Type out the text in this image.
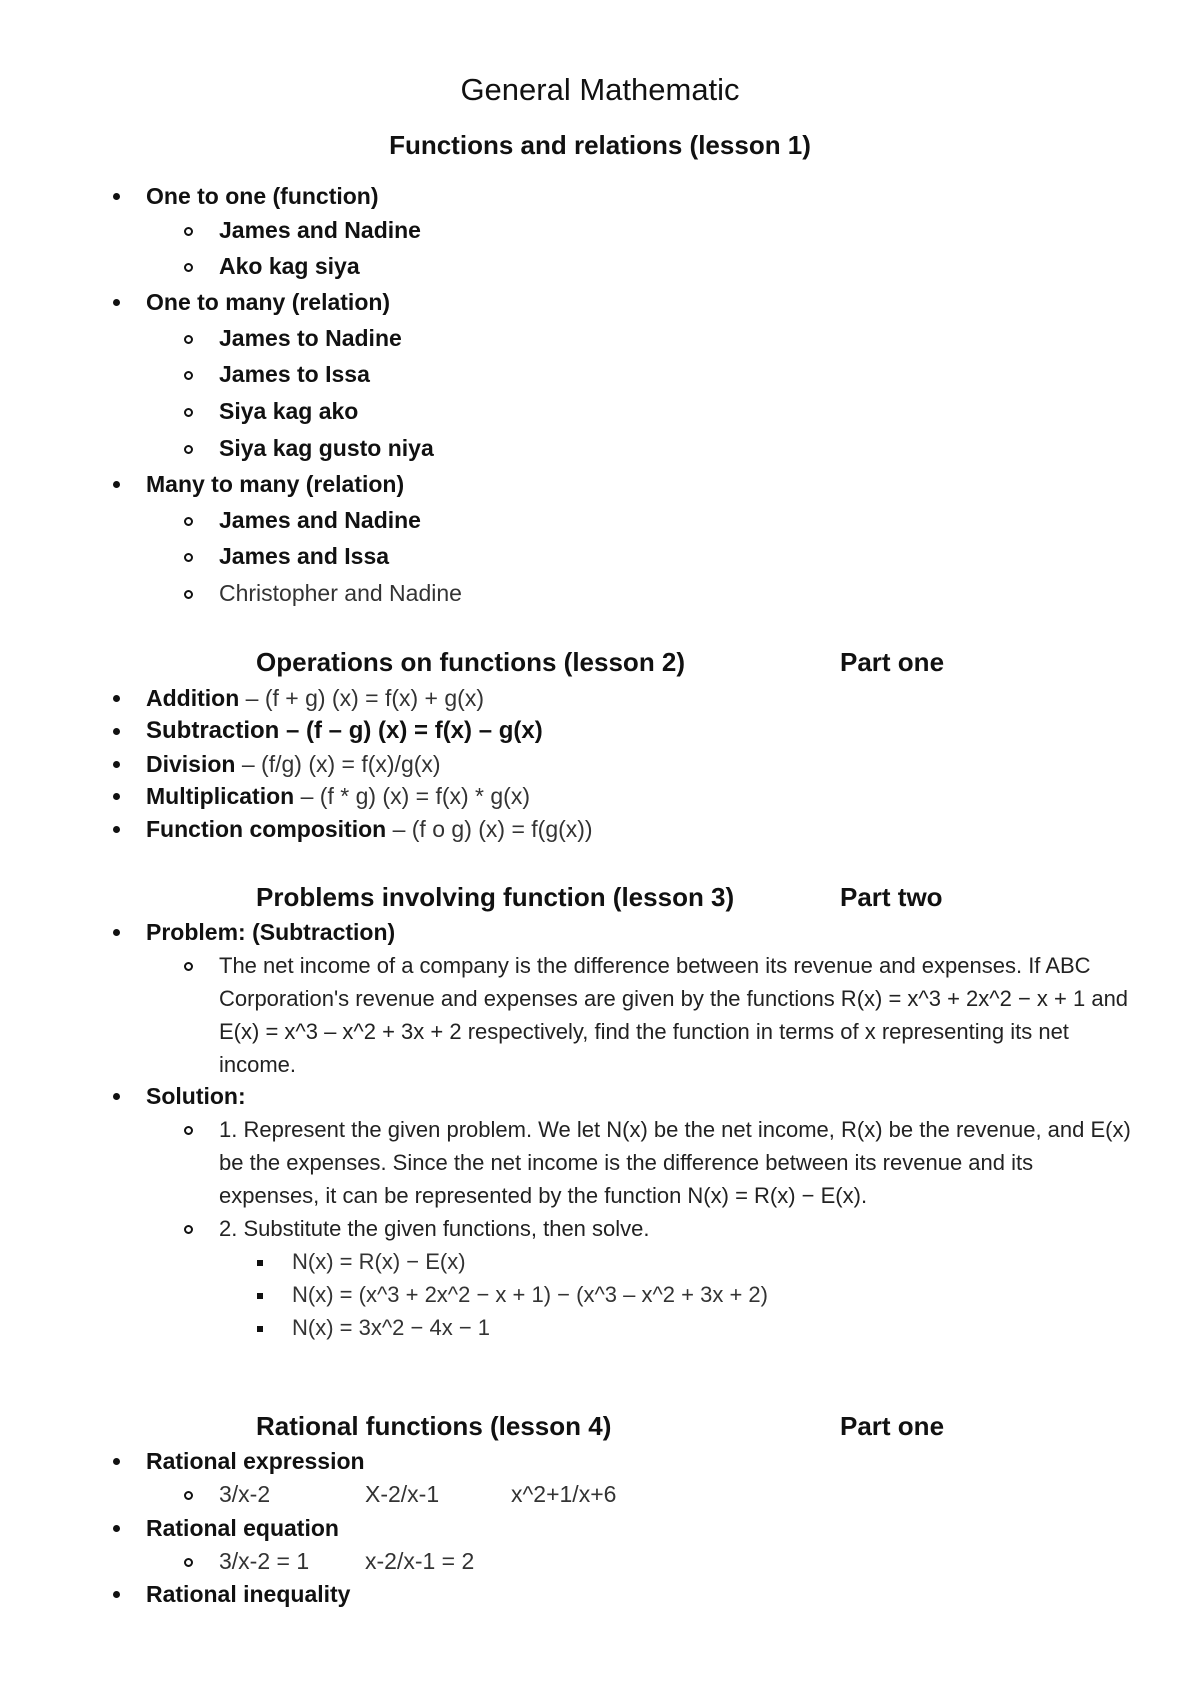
General Mathematic
Functions and relations (lesson 1)
One to one (function)
James and Nadine
Ako kag siya
One to many (relation)
James to Nadine
James to Issa
Siya kag ako
Siya kag gusto niya
Many to many (relation)
James and Nadine
James and Issa
Christopher and Nadine
Operations on functions (lesson 2)	Part one
Addition – (f + g) (x) = f(x) + g(x)
Subtraction – (f – g) (x) = f(x) – g(x)
Division – (f/g) (x) = f(x)/g(x)
Multiplication – (f * g) (x) = f(x) * g(x)
Function composition – (f o g) (x) = f(g(x))
Problems involving function (lesson 3)	Part two
Problem: (Subtraction)
The net income of a company is the difference between its revenue and expenses. If ABC Corporation's revenue and expenses are given by the functions R(x) = x^3 + 2x^2 − x + 1 and E(x) = x^3 – x^2 + 3x + 2 respectively, find the function in terms of x representing its net income.
Solution:
1. Represent the given problem. We let N(x) be the net income, R(x) be the revenue, and E(x) be the expenses. Since the net income is the difference between its revenue and its expenses, it can be represented by the function N(x) = R(x) − E(x).
2. Substitute the given functions, then solve.
N(x) = R(x) − E(x)
N(x) = (x^3 + 2x^2 − x + 1) − (x^3 – x^2 + 3x + 2)
N(x) = 3x^2 − 4x − 1
Rational functions (lesson 4)	Part one
Rational expression
3/x-2	X-2/x-1	x^2+1/x+6
Rational equation
3/x-2 = 1 x-2/x-1 = 2
Rational inequality
